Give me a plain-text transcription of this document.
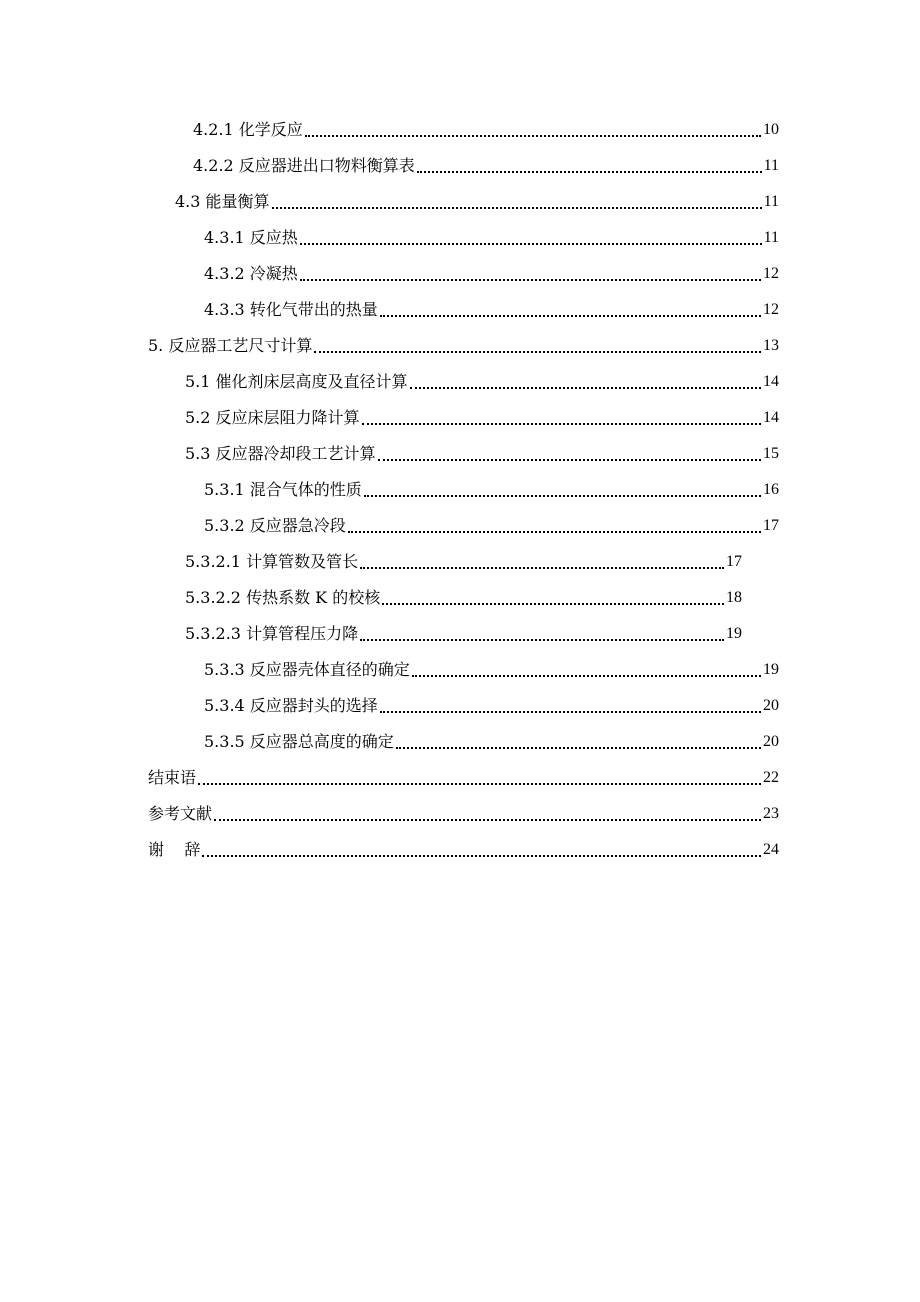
4.2.1 化学反应	10
4.2.2 反应器进出口物料衡算表	11
4.3 能量衡算	11
4.3.1 反应热	11
4.3.2 冷凝热	12
4.3.3 转化气带出的热量	12
5. 反应器工艺尺寸计算	13
5.1 催化剂床层高度及直径计算	14
5.2 反应床层阻力降计算	14
5.3 反应器冷却段工艺计算	15
5.3.1 混合气体的性质	16
5.3.2 反应器急冷段	17
5.3.2.1 计算管数及管长	17
5.3.2.2 传热系数 K 的校核	18
5.3.2.3 计算管程压力降	19
5.3.3 反应器壳体直径的确定	19
5.3.4 反应器封头的选择	20
5.3.5 反应器总高度的确定	20
结束语	22
参考文献	23
谢    辞	24
